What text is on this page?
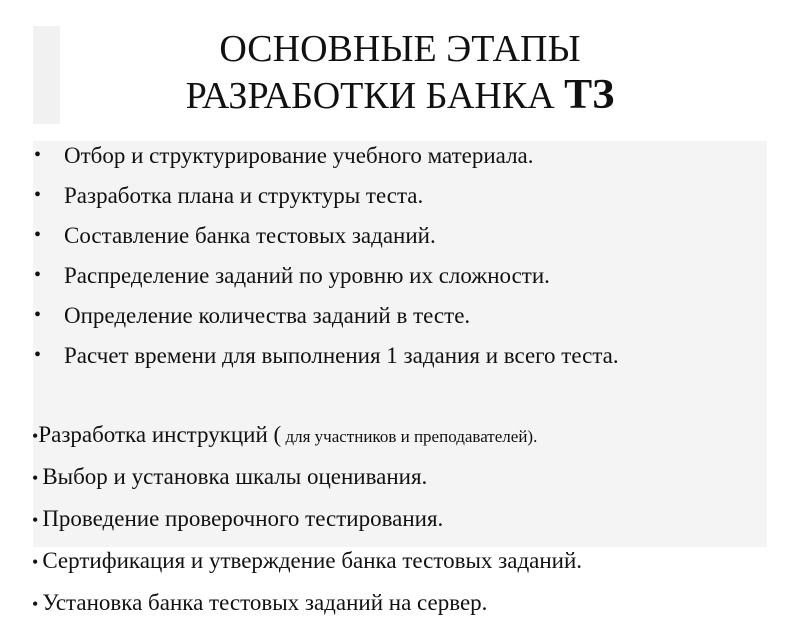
ОСНОВНЫЕ ЭТАПЫ
РАЗРАБОТКИ БАНКА ТЗ
• Отбор и структурирование учебного материала.
• Разработка плана и структуры теста.
• Составление банка тестовых заданий.
• Распределение заданий по уровню их сложности.
• Определение количества заданий в тесте.
• Расчет времени для выполнения 1 задания и всего теста.
•Разработка инструкций ( для участников и преподавателей).
• Выбор и установка шкалы оценивания.
• Проведение проверочного тестирования.
• Сертификация и утверждение банка тестовых заданий.
• Установка банка тестовых заданий на сервер.
